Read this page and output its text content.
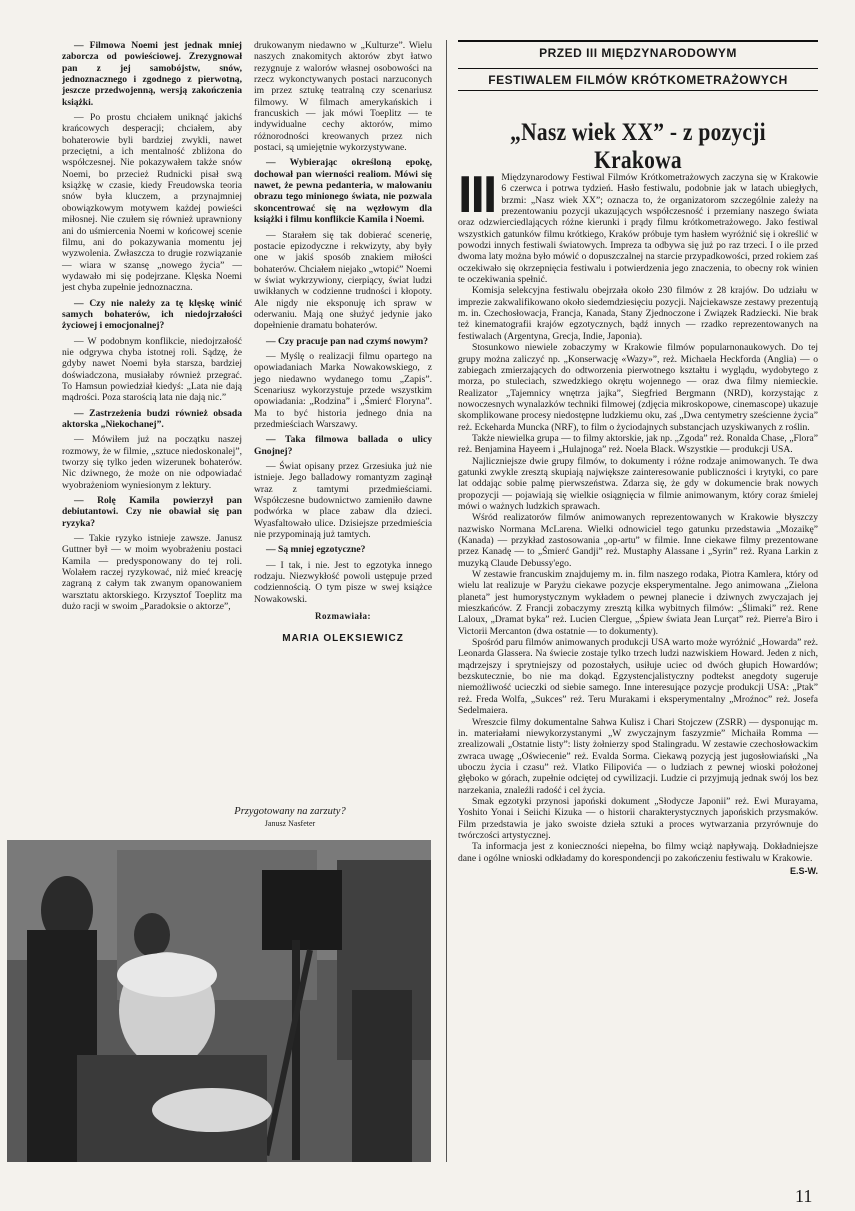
— Filmowa Noemi jest jednak mniej zaborcza od powieściowej. Zrezygnował pan z jej samobójstw, snów, jednoznacznego i zgodnego z pierwotną, jeszcze przedwojenną, wersją zakończenia książki.

— Po prostu chciałem uniknąć jakichś krańcowych desperacji; chciałem, aby bohaterowie byli bardziej zwykli, nawet przeciętni, a ich mentalność zbliżona do współczesnej. Nie pokazywałem także snów Noemi, bo przecież Rudnicki pisał swą książkę w czasie, kiedy Freudowska teoria snów była kluczem, a przynajmniej obowiązkowym motywem każdej powieści miłosnej. Nie czułem się również uprawniony ani do uśmiercenia Noemi w końcowej scenie filmu, ani do pokazywania momentu jej wyzwolenia. Zwłaszcza to drugie rozwiązanie — wiara w szansę „nowego życia” — wydawało mi się podejrzane. Klęska Noemi jest chyba zupełnie jednoznaczna.

— Czy nie należy za tę klęskę winić samych bohaterów, ich niedojrzałości życiowej i emocjonalnej?

— W podobnym konflikcie, niedojrzałość nie odgrywa chyba istotnej roli. Sądzę, że gdyby nawet Noemi była starsza, bardziej doświadczona, musiałaby również przegrać. To Hamsun powiedział kiedyś: „Lata nie dają mądrości. Poza starością lata nie dają nic.”

— Zastrzeżenia budzi również obsada aktorska „Niekochanej”.

— Mówiłem już na początku naszej rozmowy, że w filmie, „sztuce niedoskonalej”, tworzy się tylko jeden wizerunek bohaterów. Nic dziwnego, że może on nie odpowiadać wyobrażeniom wyniesionym z lektury.

— Rolę Kamila powierzył pan debiutantowi. Czy nie obawiał się pan ryzyka?

— Takie ryzyko istnieje zawsze. Janusz Guttner był — w moim wyobrażeniu postaci Kamila — predysponowany do tej roli. Wolałem raczej ryzykować, niż mieć kreację zagraną z całym tak zwanym opanowaniem warsztatu aktorskiego. Krzysztof Toeplitz ma dużo racji w swoim „Paradoksie o aktorze”,

drukowanym niedawno w „Kulturze”. Wielu naszych znakomitych aktorów zbyt łatwo rezygnuje z walorów własnej osobowości na rzecz wykonctywanych postaci narzuconych im przez sztukę teatralną czy scenariusz filmowy. W filmach amerykańskich i francuskich — jak mówi Toeplitz — te indywidualne cechy aktorów, mimo różnorodności kreowanych przez nich postaci, są umiejętnie wykorzystywane.

— Wybierając określoną epokę, dochował pan wierności realiom. Mówi się nawet, że pewna pedanteria, w malowaniu obrazu tego minionego świata, nie pozwala skoncentrować się na węzłowym dla książki i filmu konflikcie Kamila i Noemi.

— Starałem się tak dobierać scenerię, postacie epizodyczne i rekwizyty, aby były one w jakiś sposób znakiem miłości bohaterów. Chciałem niejako „wtopić” Noemi w świat wykrzywiony, cierpiący, świat ludzi uwikłanych w codzienne trudności i kłopoty. Ale nigdy nie eksponuję ich spraw w oderwaniu. Mają one służyć jedynie jako dopełnienie dramatu bohaterów.

— Czy pracuje pan nad czymś nowym?

— Myślę o realizacji filmu opartego na opowiadaniach Marka Nowakowskiego, z jego niedawno wydanego tomu „Zapis”. Scenariusz wykorzystuje przede wszystkim opowiadania: „Rodzina” i „Śmierć Floryna”. Ma to być historia jednego dnia na przedmieściach Warszawy.

— Taka filmowa ballada o ulicy Gnojnej?

— Świat opisany przez Grzesiuka już nie istnieje. Jego balladowy romantyzm zaginął wraz z tamtymi przedmieściami. Współczesne budownictwo zamieniło dawne podwórka w place zabaw dla dzieci. Wyasfaltowało ulice. Dzisiejsze przedmieścia nie przypominają już tamtych.

— Są mniej egzotyczne?

— I tak, i nie. Jest to egzotyka innego rodzaju. Niezwykłość powoli ustępuje przed codziennością. O tym pisze w swej książce Nowakowski.

Rozmawiała:

MARIA OLEKSIEWICZ

Przygotowany na zarzuty?
Janusz Nasfeter
PRZED III MIĘDZYNARODOWYM
FESTIWALEM FILMÓW KRÓTKOMETRAŻOWYCH
„Nasz wiek XX” - z pozycji Krakowa

III Międzynarodowy Festiwal Filmów Krótkometrażowych zaczyna się w Krakowie 6 czerwca i potrwa tydzień. Hasło festiwalu, podobnie jak w latach ubiegłych, brzmi: „Nasz wiek XX”; oznacza to, że organizatorom szczególnie zależy na prezentowaniu pozycji ukazujących współczesność i przemiany naszego świata oraz odzwierciedlających różne kierunki i prądy filmu krótkometrażowego. Jako festiwal wszystkich gatunków filmu krótkiego, Kraków próbuje tym hasłem wyróżnić się i określić w powodzi innych festiwali światowych. Impreza ta odbywa się już po raz trzeci. I o ile przed dwoma laty można było mówić o dopuszczalnej na starcie przypadkowości, przed rokiem zaś oczekiwało się okrzepnięcia festiwalu i potwierdzenia jego znaczenia, to obecny rok winien te oczekiwania spełnić.

Komisja selekcyjna festiwalu obejrzała około 230 filmów z 28 krajów. Do udziału w imprezie zakwalifikowano około siedemdziesięciu pozycji. Najciekawsze zestawy prezentują m. in. Czechosłowacja, Francja, Kanada, Stany Zjednoczone i Związek Radziecki. Nie brak też kinematografii krajów egzotycznych, bądź innych — rzadko reprezentowanych na festiwalach (Argentyna, Grecja, Indie, Japonia).

Stosunkowo niewiele zobaczymy w Krakowie filmów popularnonaukowych. Do tej grupy można zaliczyć np. „Konserwację «Wazy»”, reż. Michaela Heckforda (Anglia) — o zabiegach zmierzających do odtworzenia pierwotnego kształtu i wyglądu, wydobytego z morza, po stuleciach, szwedzkiego okrętu wojennego — oraz dwa filmy niemieckie. Realizator „Tajemnicy wnętrza jajka”, Siegfried Bergmann (NRD), korzystając z nowoczesnych wynalazków techniki filmowej (zdjęcia mikroskopowe, cinemascope) ukazuje skomplikowane procesy niedostępne ludzkiemu oku, zaś „Dwa centymetry sześcienne życia” reż. Eckeharda Muncka (NRF), to film o życiodajnych substancjach uzyskiwanych z roślin.

Także niewielka grupa — to filmy aktorskie, jak np. „Zgoda” reż. Ronalda Chase, „Flora” reż. Benjamina Hayeem i „Hulajnoga” reż. Noela Black. Wszystkie — produkcji USA.

Najliczniejsze dwie grupy filmów, to dokumenty i różne rodzaje animowanych. Te dwa gatunki zwykle zresztą skupiają największe zainteresowanie publiczności i krytyki, co pare lat oddając sobie palmę pierwszeństwa. Zdarza się, że gdy w dokumencie brak nowych propozycji — pojawiają się wielkie osiągnięcia w filmie animowanym, który coraz śmielej mówi o ważnych ludzkich sprawach.

Wśród realizatorów filmów animowanych reprezentowanych w Krakowie błyszczy nazwisko Normana McLarena. Wielki odnowiciel tego gatunku przedstawia „Mozaikę” (Kanada) — przykład zastosowania „op-artu” w filmie. Inne ciekawe filmy prezentowane przez Kanadę — to „Śmierć Gandji” reż. Mustaphy Alassane i „Syrin” reż. Ryana Larkin z muzyką Claude Debussy'ego.

W zestawie francuskim znajdujemy m. in. film naszego rodaka, Piotra Kamlera, który od wielu lat realizuje w Paryżu ciekawe pozycje eksperymentalne. Jego animowana „Zielona planeta” jest humorystycznym wykładem o pewnej planecie i dziwnych zwyczajach jej mieszkańców. Z Francji zobaczymy zresztą kilka wybitnych filmów: „Ślimaki” reż. Rene Laloux, „Dramat byka” reż. Lucien Clergue, „Śpiew świata Jean Lurçat” reż. Pierre'a Biro i Victorii Mercanton (dwa ostatnie — to dokumenty).

Spośród paru filmów animowanych produkcji USA warto może wyróżnić „Howarda” reż. Leonarda Glassera. Na świecie zostaje tylko trzech ludzi nazwiskiem Howard. Jeden z nich, mądrzejszy i sprytniejszy od pozostałych, usiłuje uciec od dwóch głupich Howardów; bezskutecznie, bo nie ma dokąd. Egzystencjalistyczny podtekst anegdoty sugeruje niemożliwość ucieczki od siebie samego. Inne interesujące pozycje produkcji USA: „Ptak” reż. Freda Wolfa, „Sukces” reż. Teru Murakami i eksperymentalny „Mroźnoc” reż. Josefa Sedelmaiera.

Wreszcie filmy dokumentalne Sahwa Kulisz i Chari Stojczew (ZSRR) — dysponując m. in. materiałami niewykorzystanymi „W zwyczajnym faszyzmie” Michaiła Romma — zrealizowali „Ostatnie listy”: listy żołnierzy spod Stalingradu. W zestawie czechosłowackim zwraca uwagę „Oświecenie” reż. Evalda Sorma. Ciekawą pozycją jest jugosłowiański „Na uboczu życia i czasu” reż. Vlatko Filipovića — o ludziach z pewnej wioski położonej głęboko w górach, zupełnie odciętej od cywilizacji. Ludzie ci przyjmują jednak swój los bez narzekania, znaleźli radość i cel życia.

Smak egzotyki przynosi japoński dokument „Słodycze Japonii” reż. Ewi Murayama, Yoshito Yonai i Seiichi Kizuka — o historii charakterystycznych japońskich przysmaków. Film przedstawia je jako swoiste dzieła sztuki a proces wytwarzania przyrównuje do twórczości artystycznej.

Ta informacja jest z konieczności niepełna, bo filmy wciąż napływają. Dokładniejsze dane i ogólne wnioski odkładamy do korespondencji po zakończeniu festiwalu w Krakowie.

E.S-W.

11
